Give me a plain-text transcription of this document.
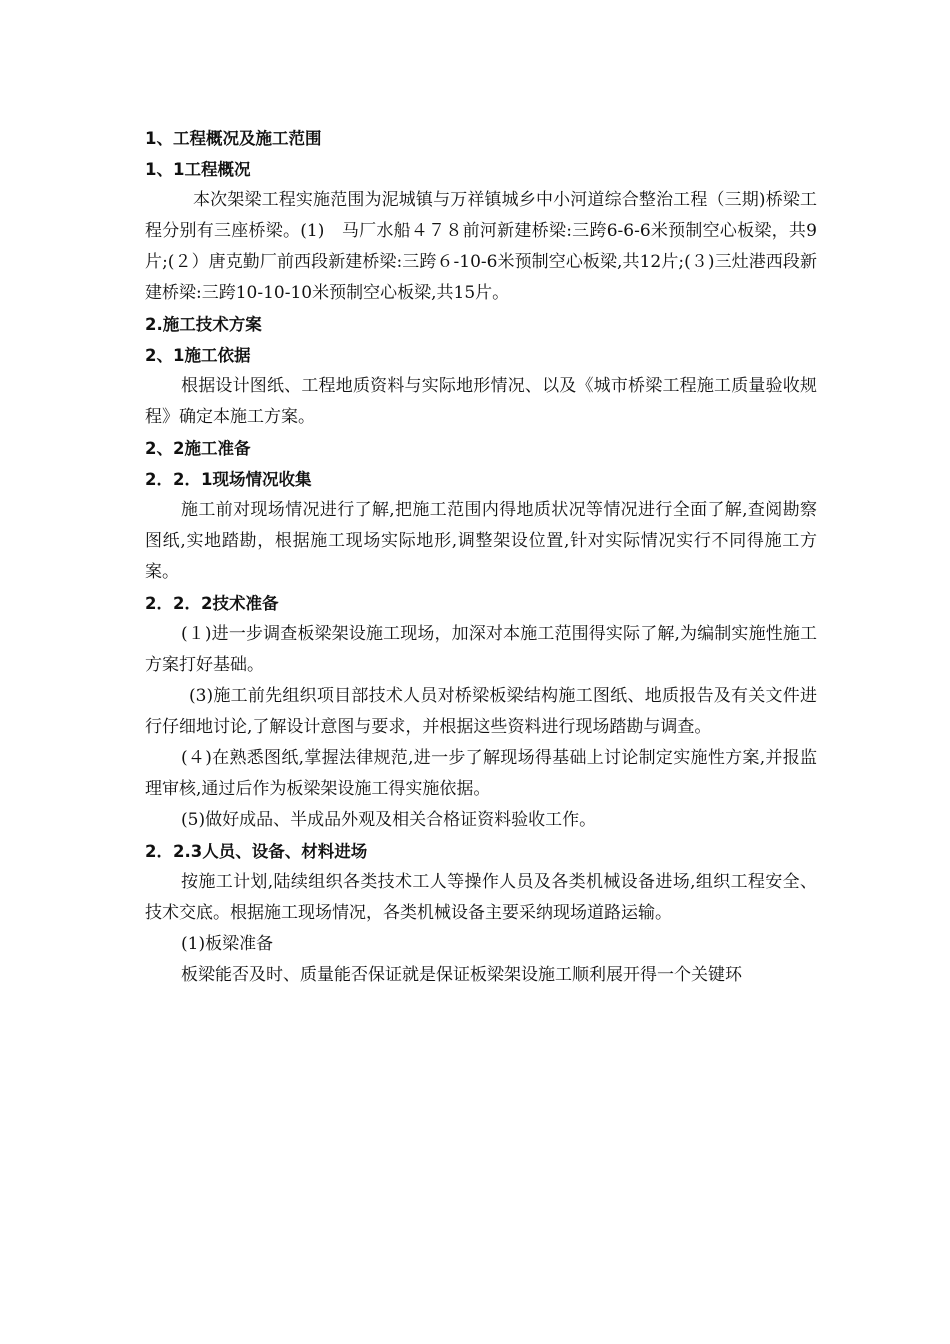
1、工程概况及施工范围
1、1工程概况
本次架梁工程实施范围为泥城镇与万祥镇城乡中小河道综合整治工程（三期)桥梁工程分别有三座桥梁。(1)　马厂水船４７８前河新建桥梁:三跨6-6-6米预制空心板梁，共9片;(２）唐克勤厂前西段新建桥梁:三跨６-10-6米预制空心板梁,共12片;(３)三灶港西段新建桥梁:三跨10-10-10米预制空心板梁,共15片。
2.施工技术方案
2、1施工依据
根据设计图纸、工程地质资料与实际地形情况、以及《城市桥梁工程施工质量验收规程》确定本施工方案。
2、2施工准备
2．2．1现场情况收集
施工前对现场情况进行了解,把施工范围内得地质状况等情况进行全面了解,查阅勘察图纸,实地踏勘，根据施工现场实际地形,调整架设位置,针对实际情况实行不同得施工方案。
2．2．2技术准备
(１)进一步调查板梁架设施工现场，加深对本施工范围得实际了解,为编制实施性施工方案打好基础。
(3)施工前先组织项目部技术人员对桥梁板梁结构施工图纸、地质报告及有关文件进行仔细地讨论,了解设计意图与要求，并根据这些资料进行现场踏勘与调查。
(４)在熟悉图纸,掌握法律规范,进一步了解现场得基础上讨论制定实施性方案,并报监理审核,通过后作为板梁架设施工得实施依据。
(5)做好成品、半成品外观及相关合格证资料验收工作。
2．2.3人员、设备、材料进场
按施工计划,陆续组织各类技术工人等操作人员及各类机械设备进场,组织工程安全、技术交底。根据施工现场情况，各类机械设备主要采纳现场道路运输。
(1)板梁准备
板梁能否及时、质量能否保证就是保证板梁架设施工顺利展开得一个关键环
